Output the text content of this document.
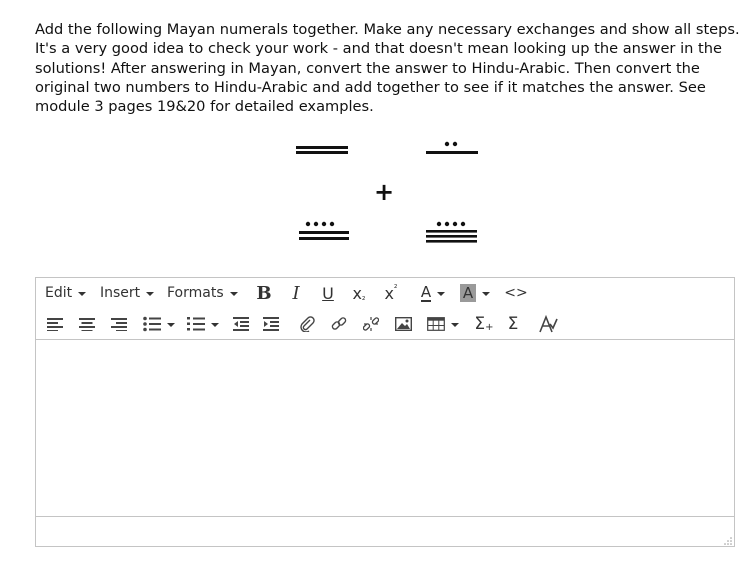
Add the following Mayan numerals together. Make any necessary exchanges and show all steps. It's a very good idea to check your work - and that doesn't mean looking up the answer in the solutions! After answering in Mayan, convert the answer to Hindu-Arabic. Then convert the original two numbers to Hindu-Arabic and add together to see if it matches the answer. See module 3 pages 19&20 for detailed examples.
+
Edit Insert Formats B	I	U x ₂ x ² A A <>
Σ + Σ
